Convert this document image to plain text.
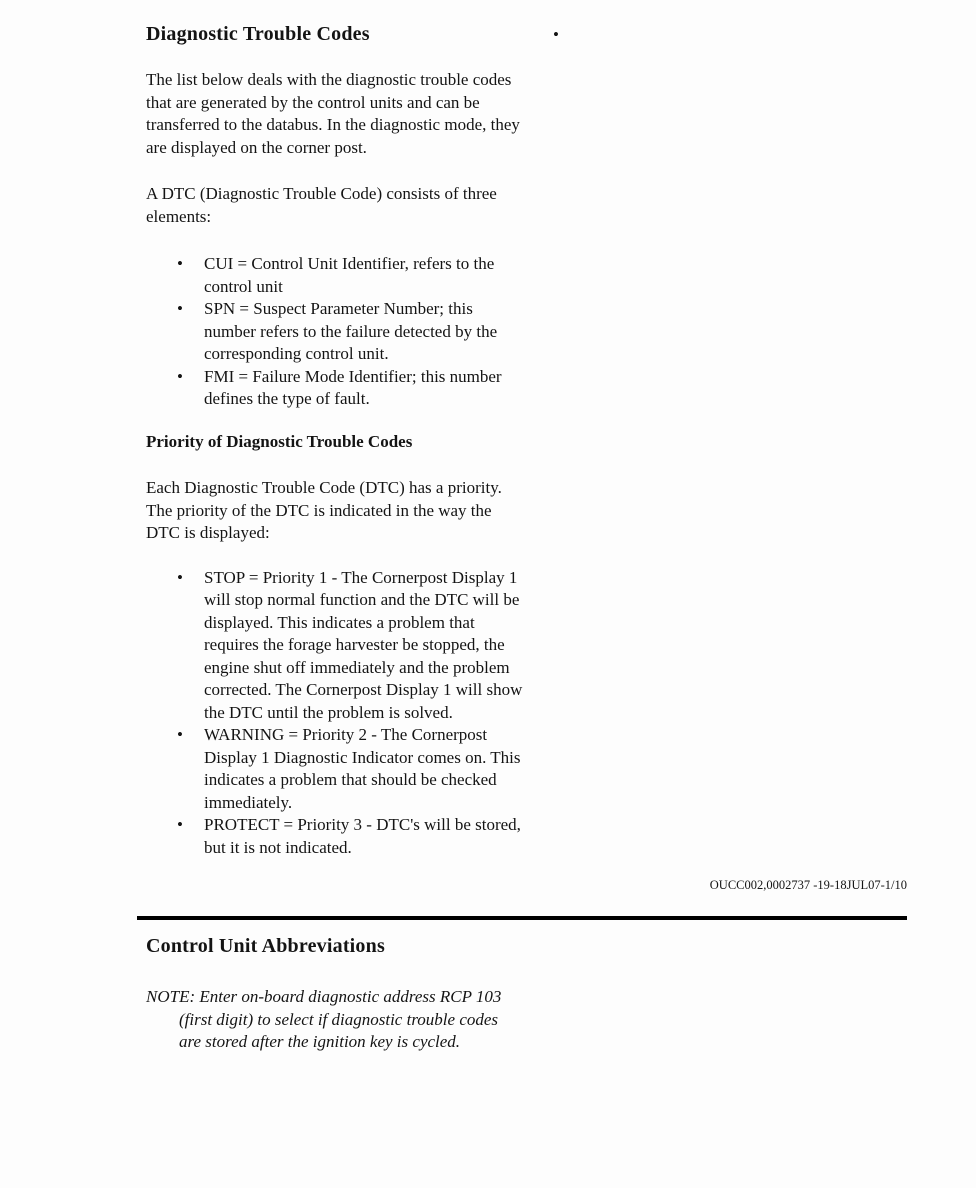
•
Diagnostic Trouble Codes

The list below deals with the diagnostic trouble codes that are generated by the control units and can be transferred to the databus. In the diagnostic mode, they are displayed on the corner post.

A DTC (Diagnostic Trouble Code) consists of three elements:

• CUI = Control Unit Identifier, refers to the control unit
• SPN = Suspect Parameter Number; this number refers to the failure detected by the corresponding control unit.
• FMI = Failure Mode Identifier; this number defines the type of fault.
Priority of Diagnostic Trouble Codes

Each Diagnostic Trouble Code (DTC) has a priority. The priority of the DTC is indicated in the way the DTC is displayed:

• STOP = Priority 1 - The Cornerpost Display 1 will stop normal function and the DTC will be displayed. This indicates a problem that requires the forage harvester be stopped, the engine shut off immediately and the problem corrected. The Cornerpost Display 1 will show the DTC until the problem is solved.
• WARNING = Priority 2 - The Cornerpost Display 1 Diagnostic Indicator comes on. This indicates a problem that should be checked immediately.
• PROTECT = Priority 3 - DTC's will be stored, but it is not indicated.
OUCC002,0002737 -19-18JUL07-1/10
Control Unit Abbreviations

NOTE: Enter on-board diagnostic address RCP 103 (first digit) to select if diagnostic trouble codes are stored after the ignition key is cycled.
